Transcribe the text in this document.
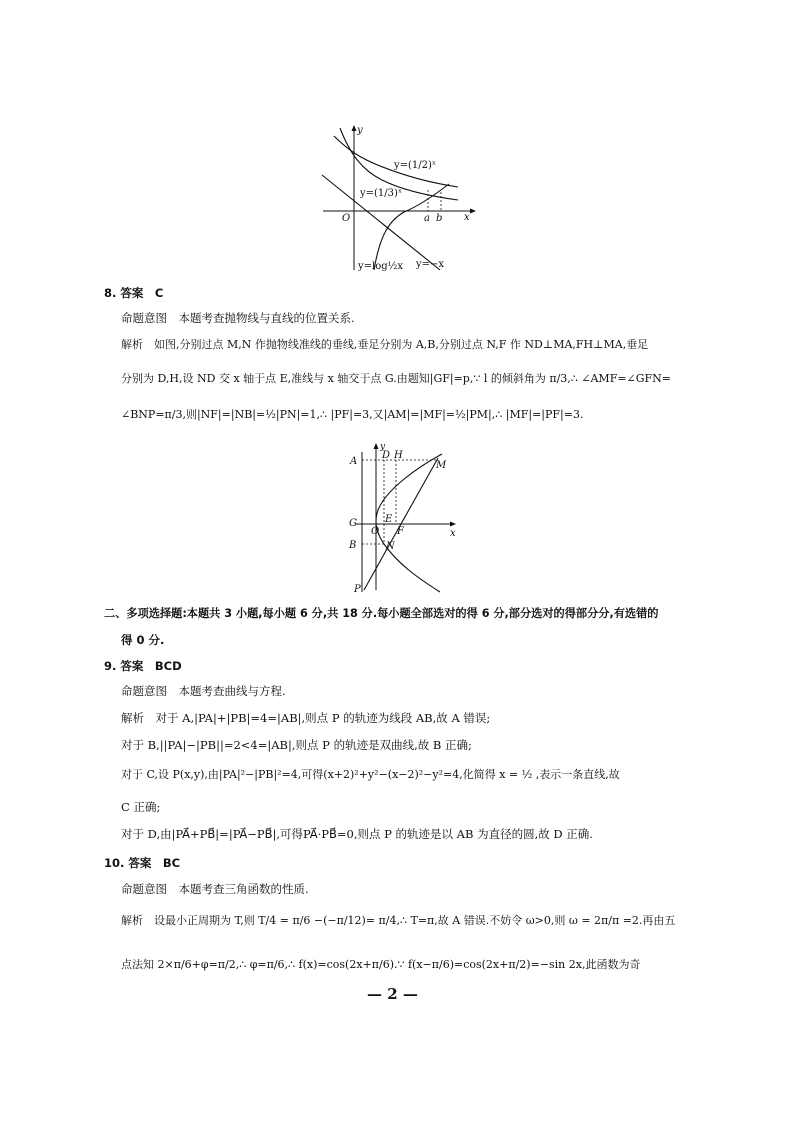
y
x
O
y=(1/2)ˣ
y=(1/3)ˣ
a b
y=log½x y=−x
8. 答案　C
命题意图　本题考查抛物线与直线的位置关系.
解析　如图,分别过点 M,N 作抛物线准线的垂线,垂足分别为 A,B,分别过点 N,F 作 ND⊥MA,FH⊥MA,垂足
分别为 D,H,设 ND 交 x 轴于点 E,准线与 x 轴交于点 G.由题知|GF|=p,∵ l 的倾斜角为 π/3,∴ ∠AMF=∠GFN=
∠BNP=π/3,则|NF|=|NB|=½|PN|=1,∴ |PF|=3,又|AM|=|MF|=½|PM|,∴ |MF|=|PF|=3.
y
x
A
D H
M
G
O
E
F
B	N
P
二、多项选择题:本题共 3 小题,每小题 6 分,共 18 分.每小题全部选对的得 6 分,部分选对的得部分分,有选错的
得 0 分.
9. 答案　BCD
命题意图　本题考查曲线与方程.
解析　对于 A,|PA|+|PB|=4=|AB|,则点 P 的轨迹为线段 AB,故 A 错误;
对于 B,||PA|−|PB||=2<4=|AB|,则点 P 的轨迹是双曲线,故 B 正确;
对于 C,设 P(x,y),由|PA|²−|PB|²=4,可得(x+2)²+y²−(x−2)²−y²=4,化简得 x = ½ ,表示一条直线,故
C 正确;
对于 D,由|PA⃗+PB⃗|=|PA⃗−PB⃗|,可得PA⃗·PB⃗=0,则点 P 的轨迹是以 AB 为直径的圆,故 D 正确.
10. 答案　BC
命题意图　本题考查三角函数的性质.
解析　设最小正周期为 T,则 T/4 = π/6 −(−π/12)= π/4,∴ T=π,故 A 错误.不妨令 ω>0,则 ω = 2π/π =2.再由五
点法知 2×π/6+φ=π/2,∴ φ=π/6,∴ f(x)=cos(2x+π/6).∵ f(x−π/6)=cos(2x+π/2)=−sin 2x,此函数为奇
— 2 —
